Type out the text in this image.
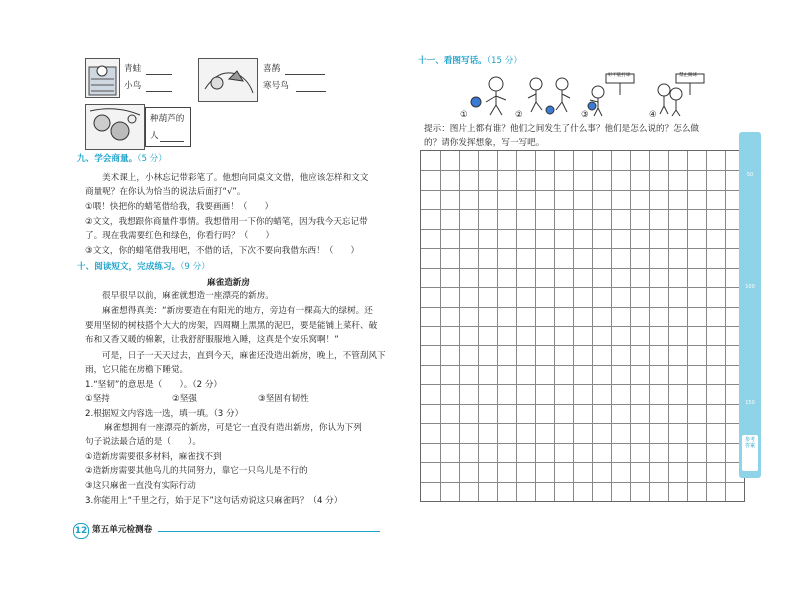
青蛙
小鸟
喜鹊
寒号鸟
种葫芦的
人
九、学会商量。（5 分）
美术课上，小林忘记带彩笔了。他想向同桌文文借，他应该怎样和文文
商量呢？在你认为恰当的说法后面打“√”。
①喂！快把你的蜡笔借给我，我要画画！（　　）
②文文，我想跟你商量件事情。我想借用一下你的蜡笔，因为我今天忘记带
了。现在我需要红色和绿色，你看行吗？（　　）
③文文，你的蜡笔借我用吧，不借的话，下次不要向我借东西！（　　）
十、阅读短文，完成练习。（9 分）
麻雀造新房
很早很早以前，麻雀就想造一座漂亮的新房。
麻雀想得真美：“新房要造在有阳光的地方，旁边有一棵高大的绿树。还
要用坚韧的树枝搭个大大的房架，四周糊上黑黑的泥巴，要是能铺上菜秆、破
布和又香又暖的棉絮，让我舒舒服服地入睡，这真是个安乐窝啊！”
可是，日子一天天过去，直到今天，麻雀还没造出新房，晚上，不管刮风下
雨，它只能在房檐下睡觉。
1.“坚韧”的意思是（　　）。（2 分）
①坚持	②坚强	③坚固有韧性
2.根据短文内容选一选，填一填。（3 分）
麻雀想拥有一座漂亮的新房，可是它一直没有造出新房，你认为下列
句子说法最合适的是（　　）。
①造新房需要很多材料，麻雀找不到
②造新房需要其他鸟儿的共同努力，靠它一只鸟儿是不行的
③这只麻雀一直没有实际行动
3.你能用上“千里之行，始于足下”这句话劝说这只麻雀吗？（4 分）
12 第五单元检测卷
十一、看图写话。（15 分）
好不能打球	禁止踢球
①	②	③	④
提示：图片上都有谁？他们之间发生了什么事？他们是怎么说的？怎么做
的？请你发挥想象，写一写吧。
50
100
150
参考
答案
